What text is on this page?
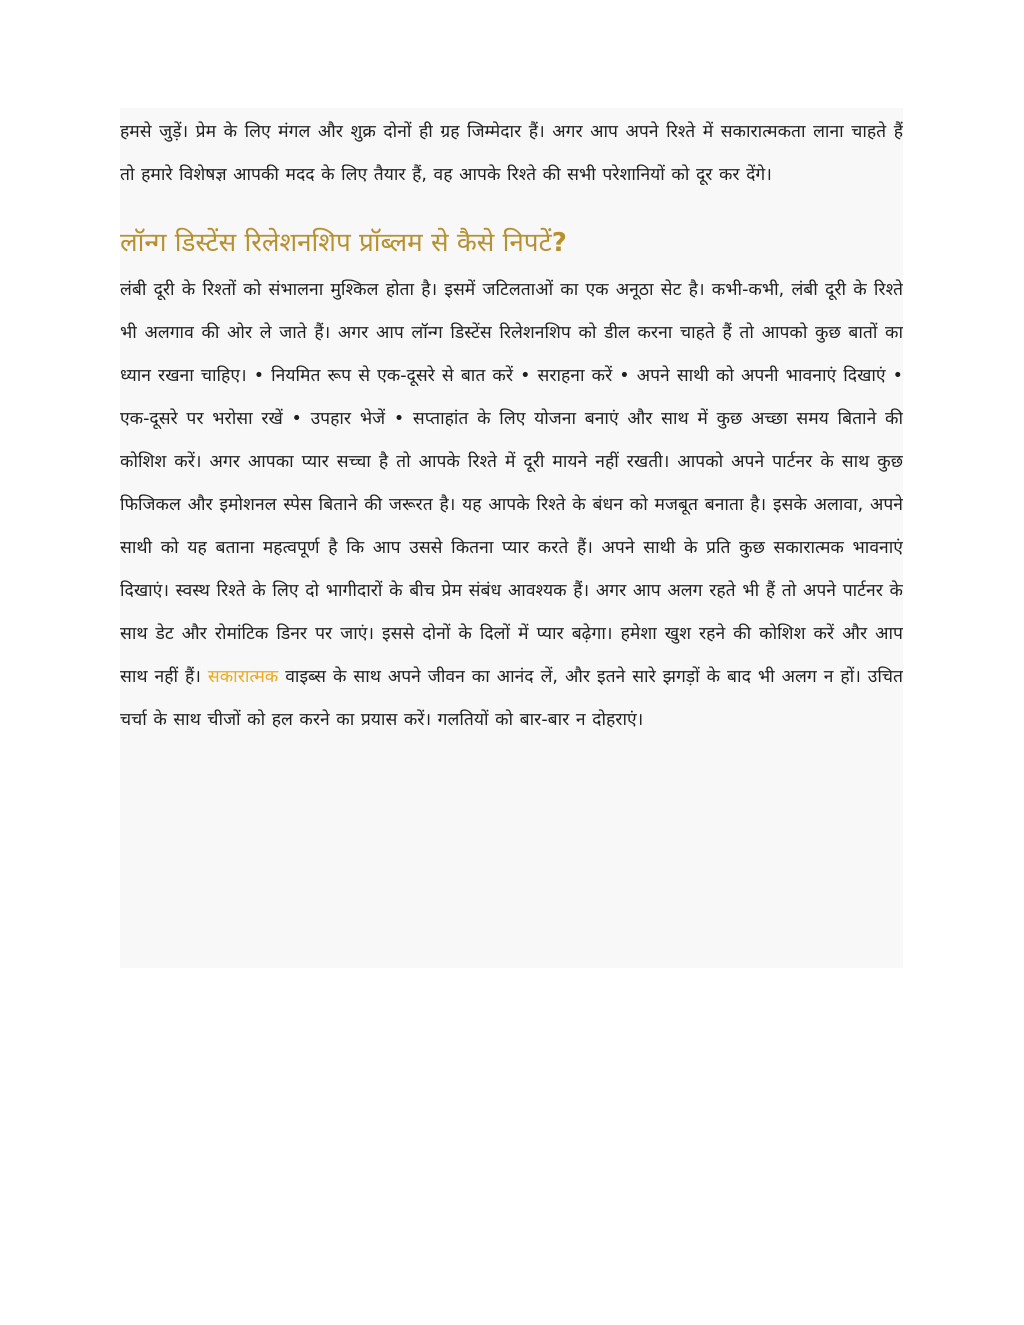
हमसे जुड़ें। प्रेम के लिए मंगल और शुक्र दोनों ही ग्रह जिम्मेदार हैं। अगर आप अपने रिश्ते में सकारात्मकता लाना चाहते हैं तो हमारे विशेषज्ञ आपकी मदद के लिए तैयार हैं, वह आपके रिश्ते की सभी परेशानियों को दूर कर देंगे।

लॉन्ग डिस्टेंस रिलेशनशिप प्रॉब्लम से कैसे निपटें?

लंबी दूरी के रिश्तों को संभालना मुश्किल होता है। इसमें जटिलताओं का एक अनूठा सेट है। कभी-कभी, लंबी दूरी के रिश्ते भी अलगाव की ओर ले जाते हैं। अगर आप लॉन्ग डिस्टेंस रिलेशनशिप को डील करना चाहते हैं तो आपको कुछ बातों का ध्यान रखना चाहिए। • नियमित रूप से एक-दूसरे से बात करें • सराहना करें • अपने साथी को अपनी भावनाएं दिखाएं • एक-दूसरे पर भरोसा रखें • उपहार भेजें • सप्ताहांत के लिए योजना बनाएं और साथ में कुछ अच्छा समय बिताने की कोशिश करें। अगर आपका प्यार सच्चा है तो आपके रिश्ते में दूरी मायने नहीं रखती। आपको अपने पार्टनर के साथ कुछ फिजिकल और इमोशनल स्पेस बिताने की जरूरत है। यह आपके रिश्ते के बंधन को मजबूत बनाता है। इसके अलावा, अपने साथी को यह बताना महत्वपूर्ण है कि आप उससे कितना प्यार करते हैं। अपने साथी के प्रति कुछ सकारात्मक भावनाएं दिखाएं। स्वस्थ रिश्ते के लिए दो भागीदारों के बीच प्रेम संबंध आवश्यक हैं। अगर आप अलग रहते भी हैं तो अपने पार्टनर के साथ डेट और रोमांटिक डिनर पर जाएं। इससे दोनों के दिलों में प्यार बढ़ेगा। हमेशा खुश रहने की कोशिश करें और आप साथ नहीं हैं। सकारात्मक वाइब्स के साथ अपने जीवन का आनंद लें, और इतने सारे झगड़ों के बाद भी अलग न हों। उचित चर्चा के साथ चीजों को हल करने का प्रयास करें। गलतियों को बार-बार न दोहराएं।
